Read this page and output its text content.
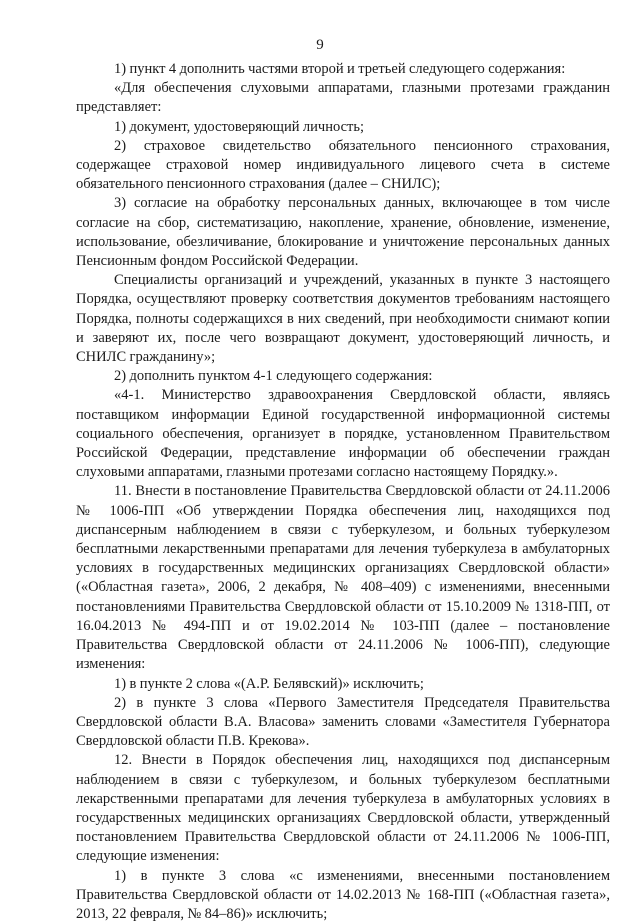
9

1) пункт 4 дополнить частями второй и третьей следующего содержания:

«Для обеспечения слуховыми аппаратами, глазными протезами гражданин представляет:

1) документ, удостоверяющий личность;

2) страховое свидетельство обязательного пенсионного страхования, содержащее страховой номер индивидуального лицевого счета в системе обязательного пенсионного страхования (далее – СНИЛС);

3) согласие на обработку персональных данных, включающее в том числе согласие на сбор, систематизацию, накопление, хранение, обновление, изменение, использование, обезличивание, блокирование и уничтожение персональных данных Пенсионным фондом Российской Федерации.

Специалисты организаций и учреждений, указанных в пункте 3 настоящего Порядка, осуществляют проверку соответствия документов требованиям настоящего Порядка, полноты содержащихся в них сведений, при необходимости снимают копии и заверяют их, после чего возвращают документ, удостоверяющий личность, и СНИЛС гражданину»;

2) дополнить пунктом 4-1 следующего содержания:

«4-1. Министерство здравоохранения Свердловской области, являясь поставщиком информации Единой государственной информационной системы социального обеспечения, организует в порядке, установленном Правительством Российской Федерации, представление информации об обеспечении граждан слуховыми аппаратами, глазными протезами согласно настоящему Порядку.».

11. Внести в постановление Правительства Свердловской области от 24.11.2006 № 1006-ПП «Об утверждении Порядка обеспечения лиц, находящихся под диспансерным наблюдением в связи с туберкулезом, и больных туберкулезом бесплатными лекарственными препаратами для лечения туберкулеза в амбулаторных условиях в государственных медицинских организациях Свердловской области» («Областная газета», 2006, 2 декабря, № 408–409) с изменениями, внесенными постановлениями Правительства Свердловской области от 15.10.2009 № 1318-ПП, от 16.04.2013 № 494-ПП и от 19.02.2014 № 103-ПП (далее – постановление Правительства Свердловской области от 24.11.2006 № 1006-ПП), следующие изменения:

1) в пункте 2 слова «(А.Р. Белявский)» исключить;

2) в пункте 3 слова «Первого Заместителя Председателя Правительства Свердловской области В.А. Власова» заменить словами «Заместителя Губернатора Свердловской области П.В. Крекова».

12. Внести в Порядок обеспечения лиц, находящихся под диспансерным наблюдением в связи с туберкулезом, и больных туберкулезом бесплатными лекарственными препаратами для лечения туберкулеза в амбулаторных условиях в государственных медицинских организациях Свердловской области, утвержденный постановлением Правительства Свердловской области от 24.11.2006 № 1006-ПП, следующие изменения:

1) в пункте 3 слова «с изменениями, внесенными постановлением Правительства Свердловской области от 14.02.2013 № 168-ПП («Областная газета», 2013, 22 февраля, № 84–86)» исключить;
